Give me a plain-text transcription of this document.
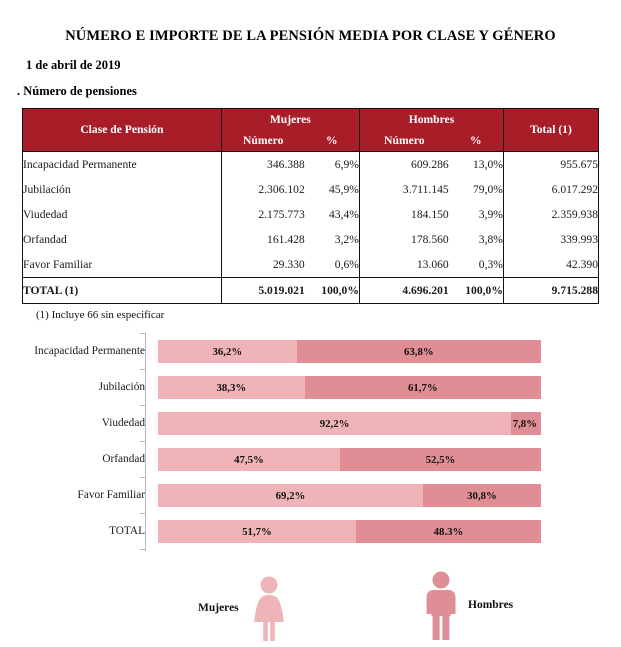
NÚMERO E IMPORTE DE LA PENSIÓN MEDIA POR CLASE Y GÉNERO
1 de abril de 2019
. Número de pensiones
Clase de Pensión	Mujeres		Hombres		Total (1)
	Número	%	Número	%	
Incapacidad Permanente	346.388	6,9%	609.286	13,0%	955.675
Jubilación	2.306.102	45,9%	3.711.145	79,0%	6.017.292
Viudedad	2.175.773	43,4%	184.150	3,9%	2.359.938
Orfandad	161.428	3,2%	178.560	3,8%	339.993
Favor Familiar	29.330	0,6%	13.060	0,3%	42.390
TOTAL (1)	5.019.021	100,0%	4.696.201	100,0%	9.715.288
(1) Incluye 66 sin especificar
Incapacidad Permanente	36,2%	63,8%
Jubilación	38,3%	61,7%
Viudedad	92,2%	7,8%
Orfandad	47,5%	52,5%
Favor Familiar	69,2%	30,8%
TOTAL	51,7%	48.3%
Mujeres	Hombres
